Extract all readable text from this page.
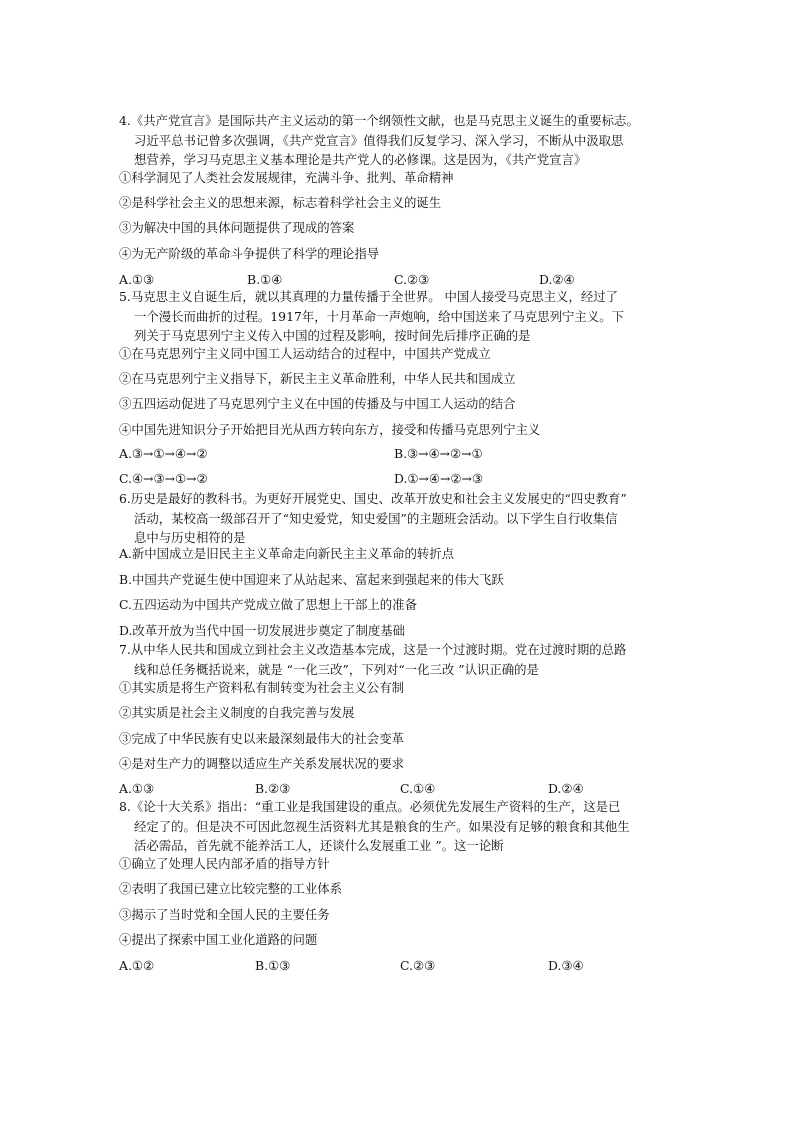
4.《共产党宣言》是国际共产主义运动的第一个纲领性文献，也是马克思主义诞生的重要标志。
习近平总书记曾多次强调，《共产党宣言》值得我们反复学习、深入学习，不断从中汲取思
想营养，学习马克思主义基本理论是共产党人的必修课。这是因为，《共产党宣言》

①科学洞见了人类社会发展规律，充满斗争、批判、革命精神
②是科学社会主义的思想来源，标志着科学社会主义的诞生
③为解决中国的具体问题提供了现成的答案
④为无产阶级的革命斗争提供了科学的理论指导
A.①③	B.①④	C.②③	D.②④

5.马克思主义自诞生后，就以其真理的力量传播于全世界。 中国人接受马克思主义，经过了
一个漫长而曲折的过程。1917年，十月革命一声炮响，给中国送来了马克思列宁主义。下
列关于马克思列宁主义传入中国的过程及影响，按时间先后排序正确的是

①在马克思列宁主义同中国工人运动结合的过程中，中国共产党成立
②在马克思列宁主义指导下，新民主主义革命胜利，中华人民共和国成立
③五四运动促进了马克思列宁主义在中国的传播及与中国工人运动的结合
④中国先进知识分子开始把目光从西方转向东方，接受和传播马克思列宁主义
A.③→①→④→②	B.③→④→②→①
C.④→③→①→②	D.①→④→②→③

6.历史是最好的教科书。为更好开展党史、国史、改革开放史和社会主义发展史的“四史教育”
活动，某校高一级部召开了“知史爱党，知史爱国”的主题班会活动。以下学生自行收集信
息中与历史相符的是

A.新中国成立是旧民主主义革命走向新民主主义革命的转折点
B.中国共产党诞生使中国迎来了从站起来、富起来到强起来的伟大飞跃
C.五四运动为中国共产党成立做了思想上干部上的准备
D.改革开放为当代中国一切发展进步奠定了制度基础

7.从中华人民共和国成立到社会主义改造基本完成，这是一个过渡时期。党在过渡时期的总路
线和总任务概括说来，就是 “一化三改”，下列对“一化三改 ”认识正确的是

①其实质是将生产资料私有制转变为社会主义公有制
②其实质是社会主义制度的自我完善与发展
③完成了中华民族有史以来最深刻最伟大的社会变革
④是对生产力的调整以适应生产关系发展状况的要求
A.①③	B.②③	C.①④	D.②④

8.《论十大关系》指出：“重工业是我国建设的重点。必须优先发展生产资料的生产，这是已
经定了的。但是决不可因此忽视生活资料尤其是粮食的生产。如果没有足够的粮食和其他生
活必需品，首先就不能养活工人，还谈什么发展重工业 ”。这一论断

①确立了处理人民内部矛盾的指导方针
②表明了我国已建立比较完整的工业体系
③揭示了当时党和全国人民的主要任务
④提出了探索中国工业化道路的问题
A.①②	B.①③	C.②③	D.③④
